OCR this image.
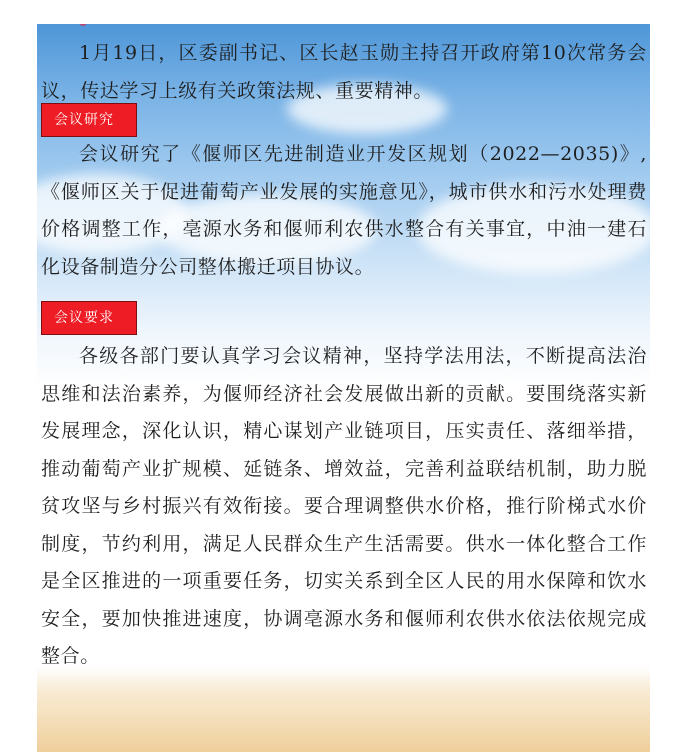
1月19日，区委副书记、区长赵玉勋主持召开政府第10次常务会议，传达学习上级有关政策法规、重要精神。

会议研究

会议研究了《偃师区先进制造业开发区规划（2022—2035)》,《偃师区关于促进葡萄产业发展的实施意见》，城市供水和污水处理费价格调整工作，亳源水务和偃师利农供水整合有关事宜，中油一建石化设备制造分公司整体搬迁项目协议。

会议要求

各级各部门要认真学习会议精神，坚持学法用法，不断提高法治思维和法治素养，为偃师经济社会发展做出新的贡献。要围绕落实新发展理念，深化认识，精心谋划产业链项目，压实责任、落细举措，推动葡萄产业扩规模、延链条、增效益，完善利益联结机制，助力脱贫攻坚与乡村振兴有效衔接。要合理调整供水价格，推行阶梯式水价制度，节约利用，满足人民群众生产生活需要。供水一体化整合工作是全区推进的一项重要任务，切实关系到全区人民的用水保障和饮水安全，要加快推进速度，协调亳源水务和偃师利农供水依法依规完成整合。
